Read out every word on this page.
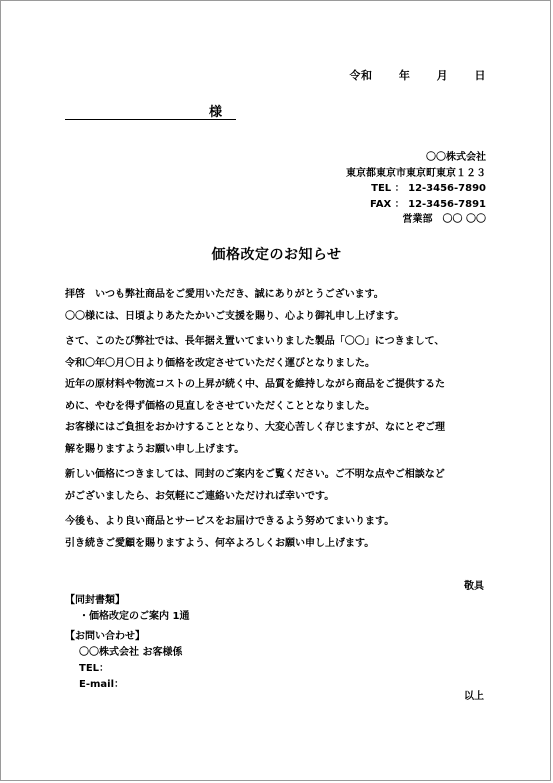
令和 年 月 日
様
〇〇株式会社
東京都東京市東京町東京１２３
TEL ： 12-3456-7890
FAX ： 12-3456-7891
営業部　〇〇 〇〇
価格改定のお知らせ

拝啓　いつも弊社商品をご愛用いただき、誠にありがとうございます。

〇〇様には、日頃よりあたたかいご支援を賜り、心より御礼申し上げます。

さて、このたび弊社では、長年据え置いてまいりました製品「〇〇」につきまして、

令和〇年〇月〇日より価格を改定させていただく運びとなりました。

近年の原材料や物流コストの上昇が続く中、品質を維持しながら商品をご提供するた

めに、やむを得ず価格の見直しをさせていただくこととなりました。

お客様にはご負担をおかけすることとなり、大変心苦しく存じますが、なにとぞご理

解を賜りますようお願い申し上げます。

新しい価格につきましては、同封のご案内をご覧ください。ご不明な点やご相談など

がございましたら、お気軽にご連絡いただければ幸いです。

今後も、より良い商品とサービスをお届けできるよう努めてまいります。

引き続きご愛顧を賜りますよう、何卒よろしくお願い申し上げます。

敬具
【同封書類】
・価格改定のご案内 1通
【お問い合わせ】
〇〇株式会社 お客様係
TEL：
E-mail：
以上
